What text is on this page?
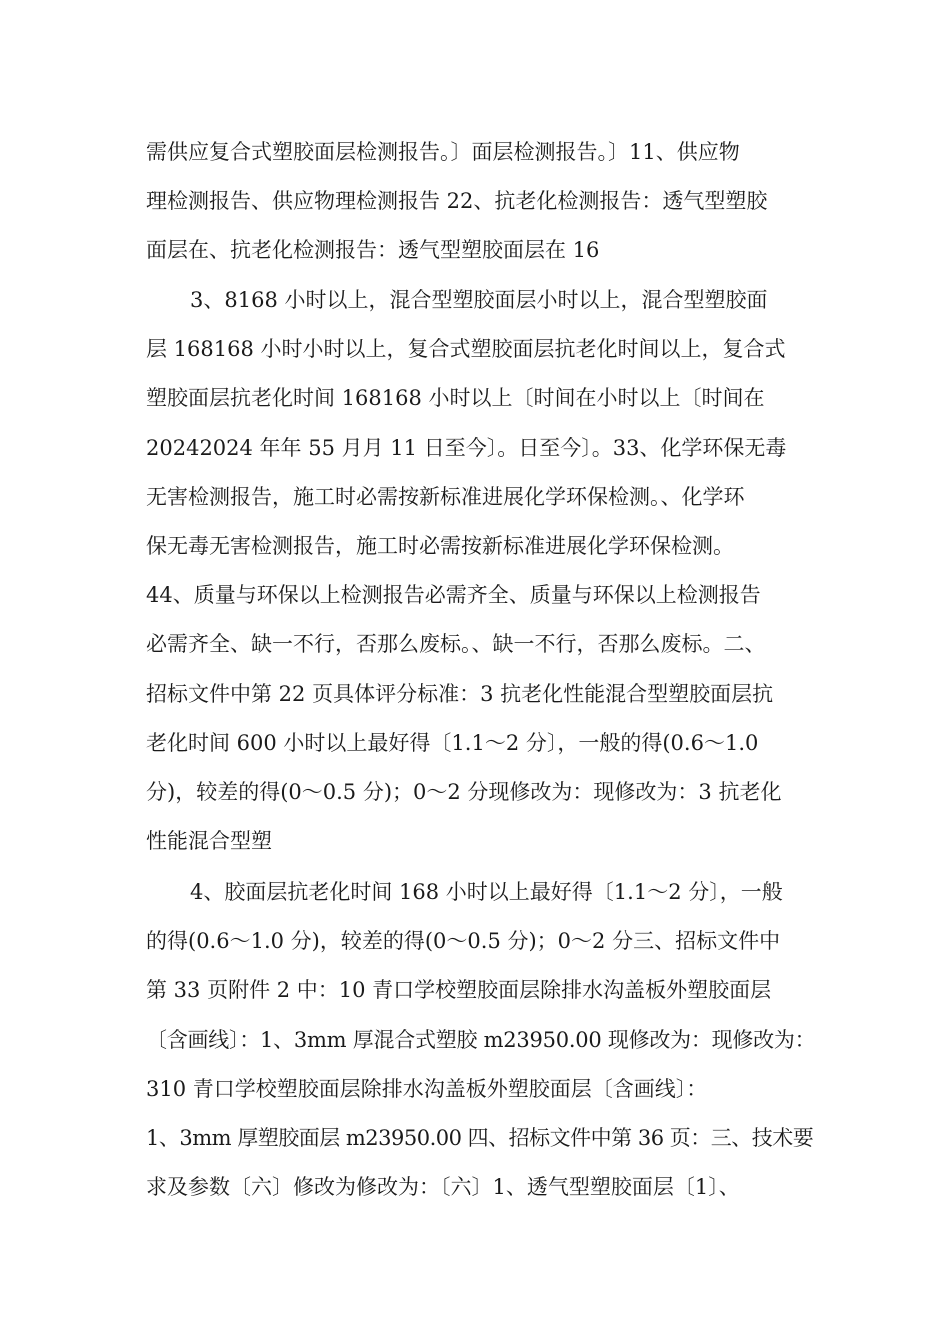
需供应复合式塑胶面层检测报告。〕面层检测报告。〕11、供应物
理检测报告、供应物理检测报告 22、抗老化检测报告：透气型塑胶
面层在、抗老化检测报告：透气型塑胶面层在 16
3、8168 小时以上，混合型塑胶面层小时以上，混合型塑胶面
层 168168 小时小时以上，复合式塑胶面层抗老化时间以上，复合式
塑胶面层抗老化时间 168168 小时以上〔时间在小时以上〔时间在
20242024 年年 55 月月 11 日至今〕。日至今〕。33、化学环保无毒
无害检测报告，施工时必需按新标准进展化学环保检测。、化学环
保无毒无害检测报告，施工时必需按新标准进展化学环保检测。
44、质量与环保以上检测报告必需齐全、质量与环保以上检测报告
必需齐全、缺一不行，否那么废标。、缺一不行，否那么废标。二、
招标文件中第 22 页具体评分标准：3 抗老化性能混合型塑胶面层抗
老化时间 600 小时以上最好得〔1.1～2 分〕，一般的得(0.6～1.0
分)，较差的得(0～0.5 分)；0～2 分现修改为：现修改为：3 抗老化
性能混合型塑
4、胶面层抗老化时间 168 小时以上最好得〔1.1～2 分〕，一般
的得(0.6～1.0 分)，较差的得(0～0.5 分)；0～2 分三、招标文件中
第 33 页附件 2 中：10 青口学校塑胶面层除排水沟盖板外塑胶面层
〔含画线〕：1、3mm 厚混合式塑胶 m23950.00 现修改为：现修改为：
310 青口学校塑胶面层除排水沟盖板外塑胶面层〔含画线〕：
1、3mm 厚塑胶面层 m23950.00 四、招标文件中第 36 页：三、技术要
求及参数〔六〕修改为修改为：〔六〕1、透气型塑胶面层〔1〕、
